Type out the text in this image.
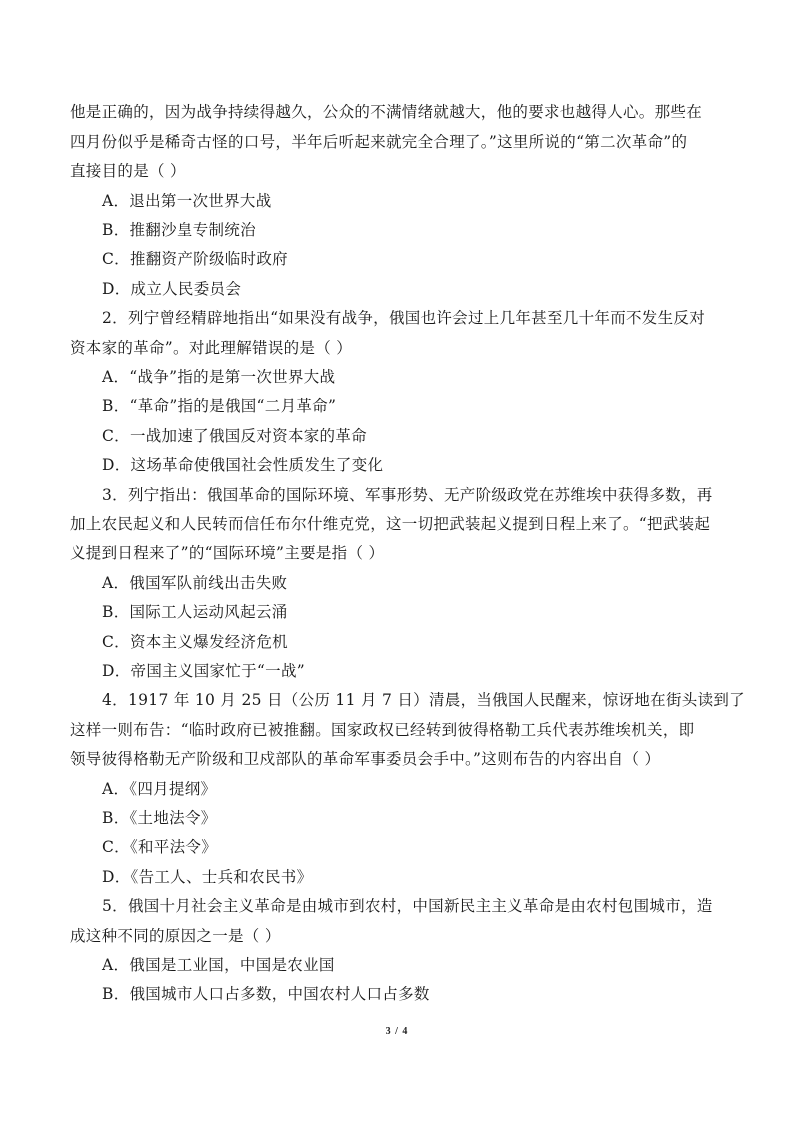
他是正确的，因为战争持续得越久，公众的不满情绪就越大，他的要求也越得人心。那些在
四月份似乎是稀奇古怪的口号，半年后听起来就完全合理了。”这里所说的“第二次革命”的
直接目的是（ ）
A．退出第一次世界大战
B．推翻沙皇专制统治
C．推翻资产阶级临时政府
D．成立人民委员会
2．列宁曾经精辟地指出“如果没有战争，俄国也许会过上几年甚至几十年而不发生反对
资本家的革命”。对此理解错误的是（ ）
A．“战争”指的是第一次世界大战
B．“革命”指的是俄国“二月革命”
C．一战加速了俄国反对资本家的革命
D．这场革命使俄国社会性质发生了变化
3．列宁指出：俄国革命的国际环境、军事形势、无产阶级政党在苏维埃中获得多数，再
加上农民起义和人民转而信任布尔什维克党，这一切把武装起义提到日程上来了。“把武装起
义提到日程来了”的“国际环境”主要是指（ ）
A．俄国军队前线出击失败
B．国际工人运动风起云涌
C．资本主义爆发经济危机
D．帝国主义国家忙于“一战”
4．1917 年 10 月 25 日（公历 11 月 7 日）清晨，当俄国人民醒来，惊讶地在街头读到了
这样一则布告：“临时政府已被推翻。国家政权已经转到彼得格勒工兵代表苏维埃机关，即
领导彼得格勒无产阶级和卫戍部队的革命军事委员会手中。”这则布告的内容出自（ ）
A．《四月提纲》
B．《土地法令》
C．《和平法令》
D．《告工人、士兵和农民书》
5．俄国十月社会主义革命是由城市到农村，中国新民主主义革命是由农村包围城市，造
成这种不同的原因之一是（ ）
A．俄国是工业国，中国是农业国
B．俄国城市人口占多数，中国农村人口占多数
3 / 4
